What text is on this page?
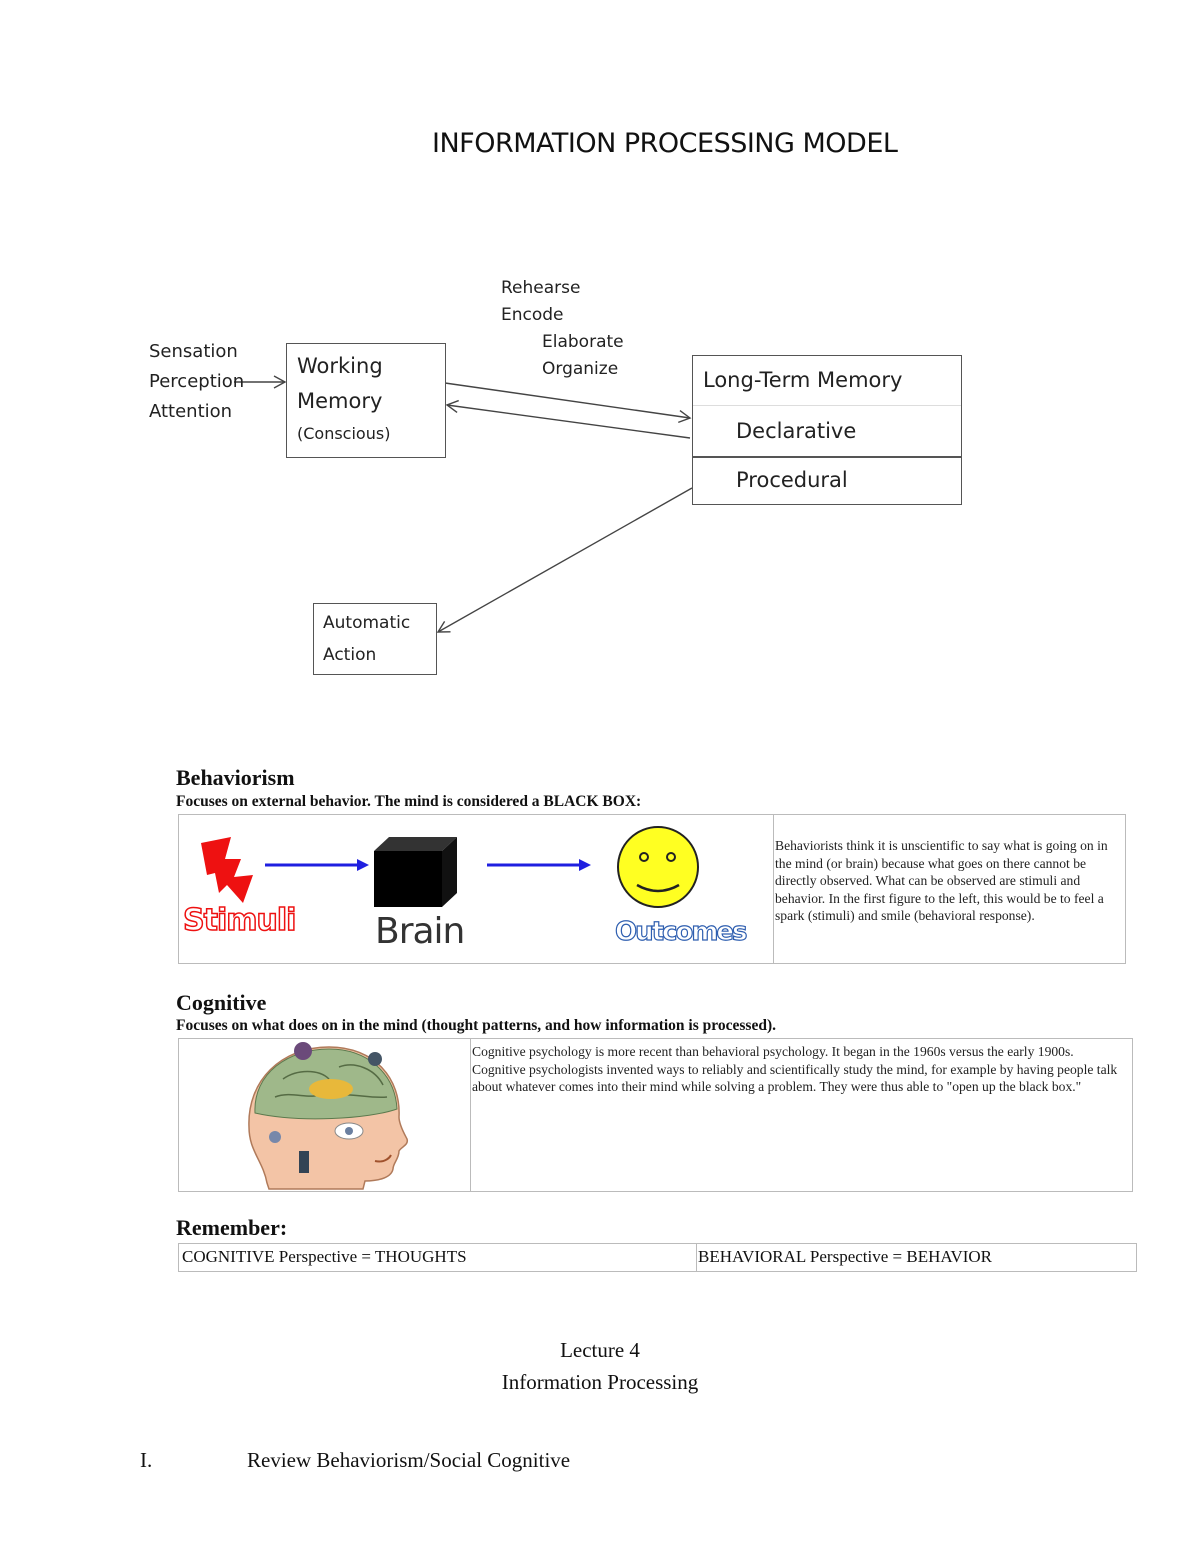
INFORMATION PROCESSING MODEL
Sensation
Perception
Attention
Working
Memory
(Conscious)
Rehearse
Encode
Elaborate
Organize	Long-Term Memory
Declarative
Procedural
Automatic
Action
Behaviorism
Focuses on external behavior. The mind is considered a BLACK BOX:
Stimuli Brain	Outcomes
Behaviorists think it is unscientific to say what is going on in the mind (or brain) because what goes on there cannot be directly observed. What can be observed are stimuli and behavior. In the first figure to the left, this would be to feel a spark (stimuli) and smile (behavioral response).
Cognitive
Focuses on what does on in the mind (thought patterns, and how information is processed).
Cognitive psychology is more recent than behavioral psychology. It began in the 1960s versus the early 1900s. Cognitive psychologists invented ways to reliably and scientifically study the mind, for example by having people talk about whatever comes into their mind while solving a problem. They were thus able to "open up the black box."
Remember:
COGNITIVE Perspective = THOUGHTS	BEHAVIORAL Perspective = BEHAVIOR
Lecture 4
Information Processing
I.	Review Behaviorism/Social Cognitive
